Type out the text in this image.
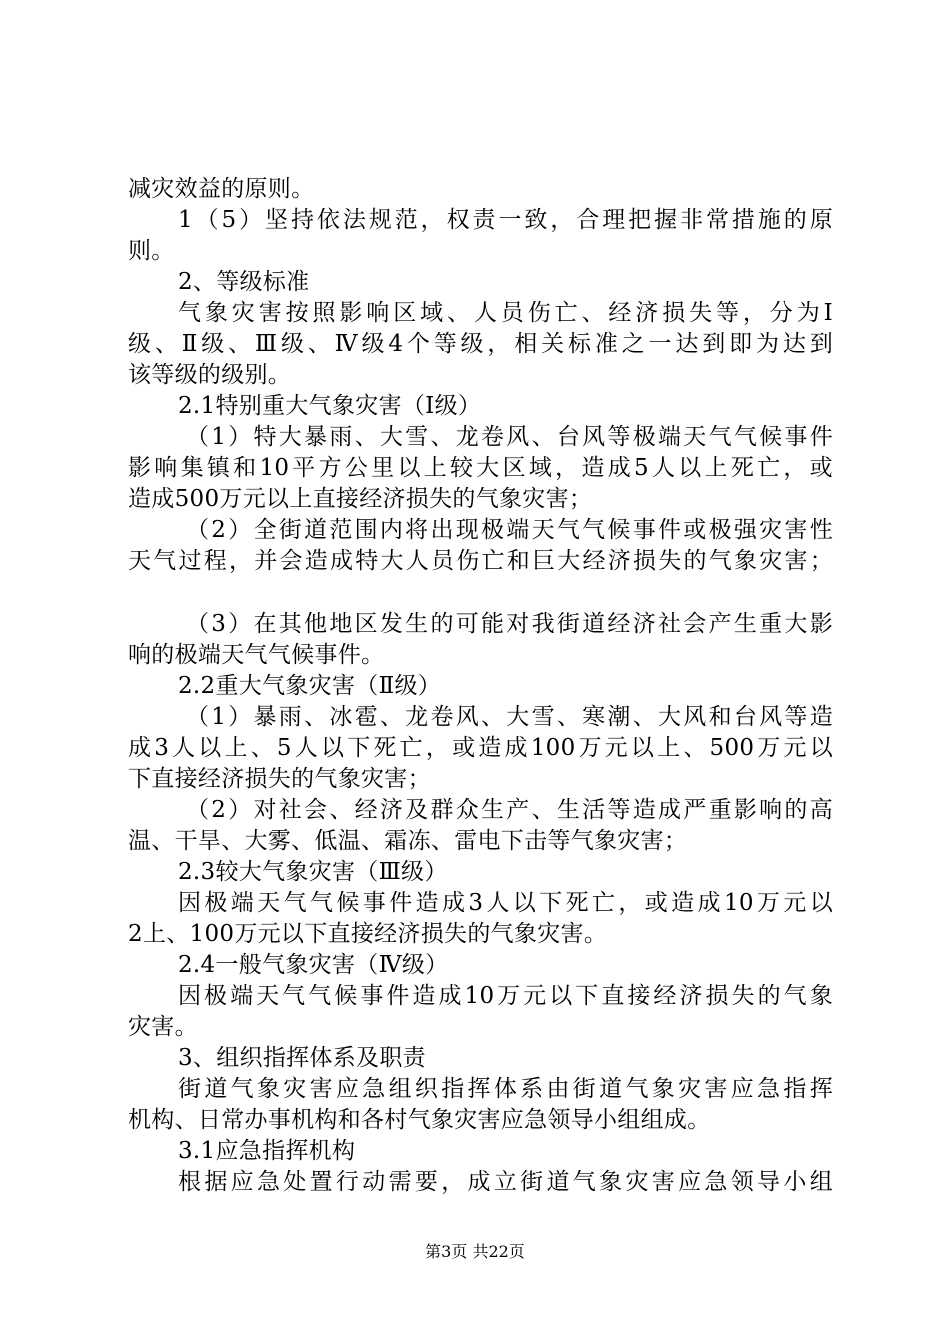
减灾效益的原则。
1（5）坚持依法规范，权责一致，合理把握非常措施的原
则。
2、等级标准
气象灾害按照影响区域、人员伤亡、经济损失等，分为Ⅰ
级、Ⅱ级、Ⅲ级、Ⅳ级4个等级，相关标准之一达到即为达到
该等级的级别。
2.1特别重大气象灾害（Ⅰ级）
（1）特大暴雨、大雪、龙卷风、台风等极端天气气候事件
影响集镇和10平方公里以上较大区域，造成5人以上死亡，或
造成500万元以上直接经济损失的气象灾害；
（2）全街道范围内将出现极端天气气候事件或极强灾害性
天气过程，并会造成特大人员伤亡和巨大经济损失的气象灾害；
（3）在其他地区发生的可能对我街道经济社会产生重大影
响的极端天气气候事件。
2.2重大气象灾害（Ⅱ级）
（1）暴雨、冰雹、龙卷风、大雪、寒潮、大风和台风等造
成3人以上、5人以下死亡，或造成100万元以上、500万元以
下直接经济损失的气象灾害；
（2）对社会、经济及群众生产、生活等造成严重影响的高
温、干旱、大雾、低温、霜冻、雷电下击等气象灾害；
2.3较大气象灾害（Ⅲ级）
因极端天气气候事件造成3人以下死亡，或造成10万元以
2上、100万元以下直接经济损失的气象灾害。
2.4一般气象灾害（Ⅳ级）
因极端天气气候事件造成10万元以下直接经济损失的气象
灾害。
3、组织指挥体系及职责
街道气象灾害应急组织指挥体系由街道气象灾害应急指挥
机构、日常办事机构和各村气象灾害应急领导小组组成。
3.1应急指挥机构
根据应急处置行动需要，成立街道气象灾害应急领导小组
第3页 共22页
